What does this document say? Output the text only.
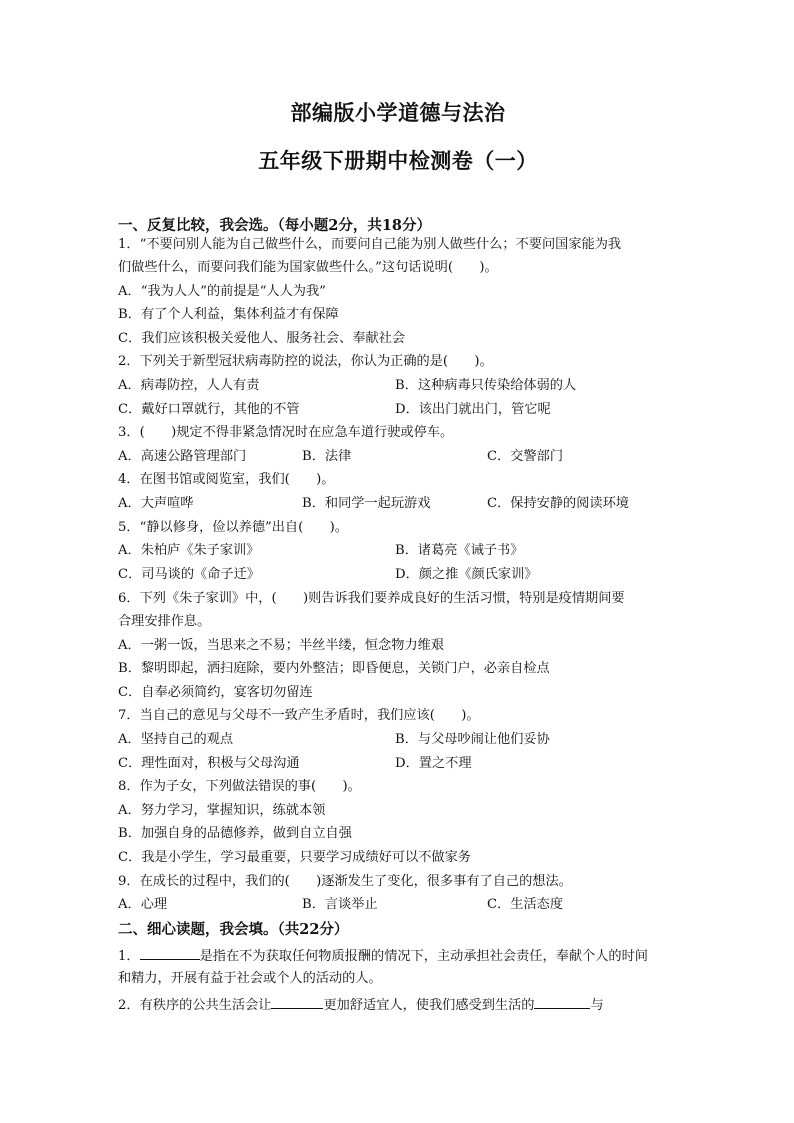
部编版小学道德与法治
五年级下册期中检测卷（一）
一、反复比较，我会选。（每小题2分，共18分）
1．“不要问别人能为自己做些什么，而要问自己能为别人做些什么；不要问国家能为我
们做些什么，而要问我们能为国家做些什么。”这句话说明(　　)。
A．“我为人人”的前提是“人人为我”
B．有了个人利益，集体利益才有保障
C．我们应该积极关爱他人、服务社会、奉献社会
2．下列关于新型冠状病毒防控的说法，你认为正确的是(　　)。
A．病毒防控，人人有责	B．这种病毒只传染给体弱的人
C．戴好口罩就行，其他的不管	D．该出门就出门，管它呢
3．(　　)规定不得非紧急情况时在应急车道行驶或停车。
A．高速公路管理部门	B．法律	C．交警部门
4．在图书馆或阅览室，我们(　　)。
A．大声喧哗	B．和同学一起玩游戏	C．保持安静的阅读环境
5．“静以修身，俭以养德”出自(　　)。
A．朱柏庐《朱子家训》	B．诸葛亮《诫子书》
C．司马谈的《命子迁》	D．颜之推《颜氏家训》
6．下列《朱子家训》中，(　　)则告诉我们要养成良好的生活习惯，特别是疫情期间要
合理安排作息。
A．一粥一饭，当思来之不易；半丝半缕，恒念物力维艰
B．黎明即起，洒扫庭除，要内外整洁；即昏便息，关锁门户，必亲自检点
C．自奉必须简约，宴客切勿留连
7．当自己的意见与父母不一致产生矛盾时，我们应该(　　)。
A．坚持自己的观点	B．与父母吵闹让他们妥协
C．理性面对，积极与父母沟通	D．置之不理
8．作为子女，下列做法错误的事(　　)。
A．努力学习，掌握知识，练就本领
B．加强自身的品德修养，做到自立自强
C．我是小学生，学习最重要，只要学习成绩好可以不做家务
9．在成长的过程中，我们的(　　)逐渐发生了变化，很多事有了自己的想法。
A．心理	B．言谈举止	C．生活态度
二、细心读题，我会填。（共22分）
1．	是指在不为获取任何物质报酬的情况下，主动承担社会责任，奉献个人的时间
和精力，开展有益于社会或个人的活动的人。
2．有秩序的公共生活会让	更加舒适宜人，使我们感受到生活的	与
